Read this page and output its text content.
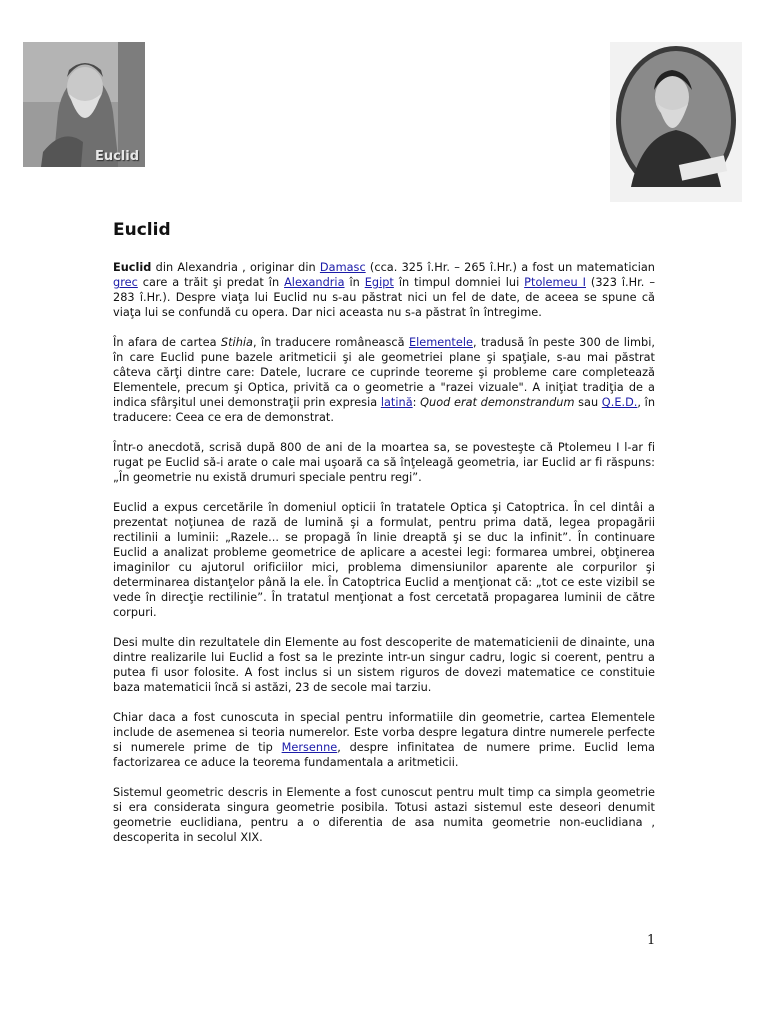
Euclid
Euclid

Euclid din Alexandria , originar din Damasc (cca. 325 î.Hr. – 265 î.Hr.) a fost un matematician grec care a trăit şi predat în Alexandria în Egipt în timpul domniei lui Ptolemeu I (323 î.Hr. – 283 î.Hr.). Despre viaţa lui Euclid nu s-au păstrat nici un fel de date, de aceea se spune că viaţa lui se confundă cu opera. Dar nici aceasta nu s-a păstrat în întregime.

În afara de cartea Stihia, în traducere românească Elementele, tradusă în peste 300 de limbi, în care Euclid pune bazele aritmeticii şi ale geometriei plane şi spaţiale, s-au mai păstrat câteva cărţi dintre care: Datele, lucrare ce cuprinde teoreme şi probleme care completează Elementele, precum şi Optica, privită ca o geometrie a "razei vizuale". A iniţiat tradiţia de a indica sfârşitul unei demonstraţii prin expresia latină: Quod erat demonstrandum sau Q.E.D., în traducere: Ceea ce era de demonstrat.

Într-o anecdotă, scrisă după 800 de ani de la moartea sa, se povesteşte că Ptolemeu I l-ar fi rugat pe Euclid să-i arate o cale mai uşoară ca să înţeleagă geometria, iar Euclid ar fi răspuns: „În geometrie nu există drumuri speciale pentru regi”.

Euclid a expus cercetările în domeniul opticii în tratatele Optica şi Catoptrica. În cel dintâi a prezentat noţiunea de rază de lumină şi a formulat, pentru prima dată, legea propagării rectilinii a luminii: „Razele... se propagă în linie dreaptă şi se duc la infinit”. În continuare Euclid a analizat probleme geometrice de aplicare a acestei legi: formarea umbrei, obţinerea imaginilor cu ajutorul orificiilor mici, problema dimensiunilor aparente ale corpurilor şi determinarea distanţelor până la ele. În Catoptrica Euclid a menţionat că: „tot ce este vizibil se vede în direcţie rectilinie”. În tratatul menţionat a fost cercetată propagarea luminii de către corpuri.

Desi multe din rezultatele din Elemente au fost descoperite de matematicienii de dinainte, una dintre realizarile lui Euclid a fost sa le prezinte intr-un singur cadru, logic si coerent, pentru a putea fi usor folosite. A fost inclus si un sistem riguros de dovezi matematice ce constituie baza matematicii încă si astăzi, 23 de secole mai tarziu.

Chiar daca a fost cunoscuta in special pentru informatiile din geometrie, cartea Elementele include de asemenea si teoria numerelor. Este vorba despre legatura dintre numerele perfecte si numerele prime de tip Mersenne, despre infinitatea de numere prime. Euclid lema factorizarea ce aduce la teorema fundamentala a aritmeticii.

Sistemul geometric descris in Elemente a fost cunoscut pentru mult timp ca simpla geometrie si era considerata singura geometrie posibila. Totusi astazi sistemul este deseori denumit geometrie euclidiana, pentru a o diferentia de asa numita geometrie non-euclidiana , descoperita in secolul XIX.

1
